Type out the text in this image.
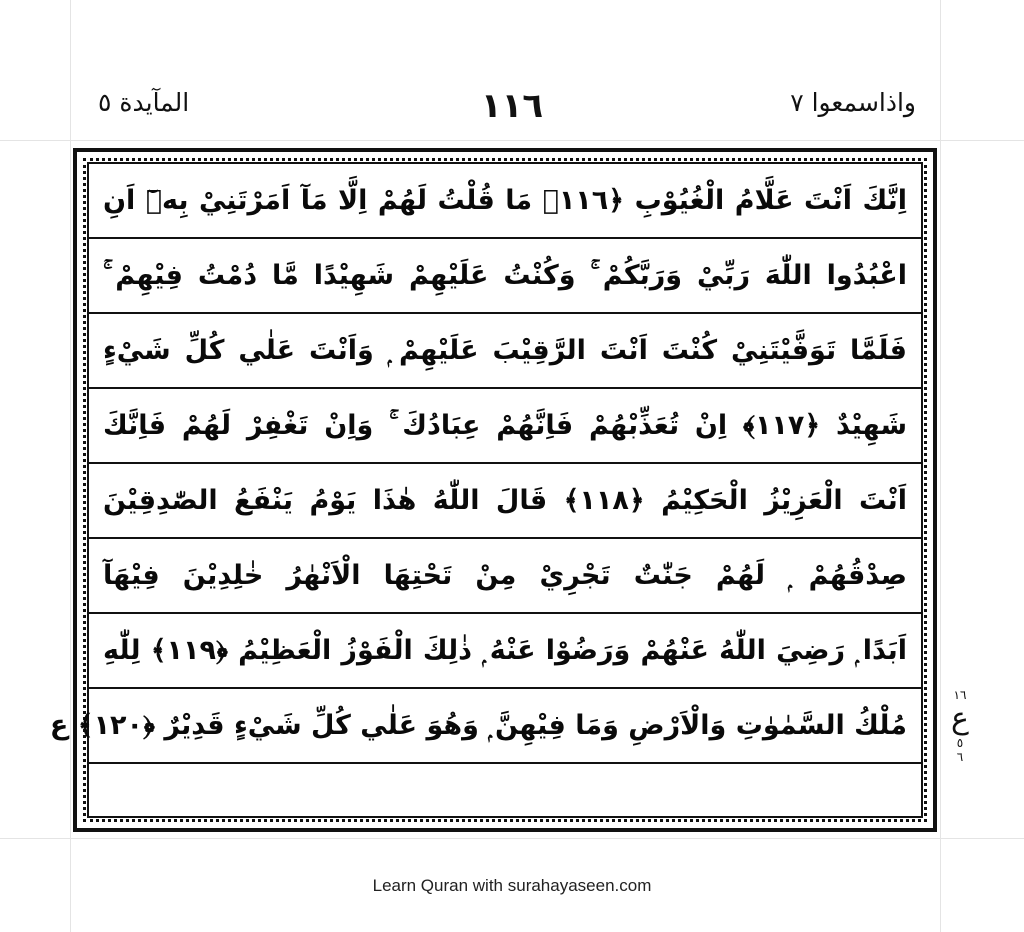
واذاسمعوا ٧
١١٦
المآيدة ٥
اِنَّكَ اَنْتَ عَلَّامُ الْغُيُوْبِ ﴿١١٦﴾ مَا قُلْتُ لَهُمْ اِلَّا مَآ اَمَرْتَنِيْ بِهٖٓ اَنِ
اعْبُدُوا اللّٰهَ رَبِّيْ وَرَبَّكُمْ ۚ وَكُنْتُ عَلَيْهِمْ شَهِيْدًا مَّا دُمْتُ فِيْهِمْ ۚ
فَلَمَّا تَوَفَّيْتَنِيْ كُنْتَ اَنْتَ الرَّقِيْبَ عَلَيْهِمْ ۭ وَاَنْتَ عَلٰي كُلِّ شَيْءٍ
شَهِيْدٌ ﴿١١٧﴾ اِنْ تُعَذِّبْهُمْ فَاِنَّهُمْ عِبَادُكَ ۚ وَاِنْ تَغْفِرْ لَهُمْ فَاِنَّكَ
اَنْتَ الْعَزِيْزُ الْحَكِيْمُ ﴿١١٨﴾ قَالَ اللّٰهُ هٰذَا يَوْمُ يَنْفَعُ الصّٰدِقِيْنَ
صِدْقُهُمْ ۭ لَهُمْ جَنّٰتٌ تَجْرِيْ مِنْ تَحْتِهَا الْاَنْهٰرُ خٰلِدِيْنَ فِيْهَآ
اَبَدًا ۭ رَضِيَ اللّٰهُ عَنْهُمْ وَرَضُوْا عَنْهُ ۭ ذٰلِكَ الْفَوْزُ الْعَظِيْمُ ﴿١١٩﴾ لِلّٰهِ
مُلْكُ السَّمٰوٰتِ وَالْاَرْضِ وَمَا فِيْهِنَّ ۭ وَهُوَ عَلٰي كُلِّ شَيْءٍ قَدِيْرٌ ﴿١٢٠﴾ ع
١٦
ع
٥
٦
Learn Quran with surahayaseen.com
